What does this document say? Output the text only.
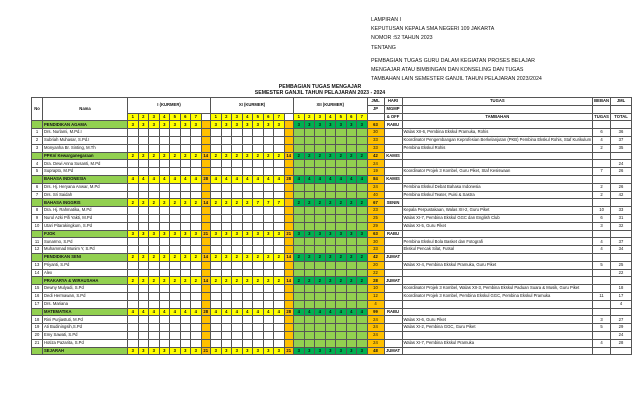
LAMPIRAN I
KEPUTUSAN KEPALA SMA NEGERI 109 JAKARTA
NOMOR :52 TAHUN 2023
TENTANG
PEMBAGIAN TUGAS GURU DALAM KEGIATAN PROSES BELAJAR
MENGAJAR ATAU BIMBINGAN DAN KONSELING DAN TUGAS
TAMBAHAN LAIN SEMESTER GANJIL TAHUN PELAJARAN 2023/2024
PEMBAGIAN TUGAS MENGAJAR
SEMESTER GANJIL TAHUN PELAJARAN 2023 - 2024
No	Nama	I (KURMER)								XI (KURMER)								XII (KURMER)							JML	HARI	TUGAS	BEBAN	JML
																									JP	MGMP			
		1	2	3	4	5	6	7		1	2	3	4	5	6	7		1	2	3	4	5	6	7		& OFF	TAMBAHAN	TUGAS	TOTAL
	PENDIDIKAN AGAMA	3	3	3	3	3	3	3		3	3	3	3	3	3	3		3	3	3	3	3	3	3	63	RABU			
1	Drs. Nurlami, M.Pd.I																								30		Walas XII-6, Pembina Ekskul Pramuka, Rohis	6	36
2	Subriah Muhasar, S.Pd.I																								33		Koordinator Pengembangan Keprofesian Berkelanjutan (PKB) Pembina Ekskul Rohis, Staf Kurikulum	4	37
3	Monyanha Br. Sinting, M.Th																								33		Pembina Ekskul Rohis	2	35
	PPKn/ Kewarganegaraan	2	2	2	2	2	2	2	14	2	2	2	2	2	2	2	14	2	2	2	2	2	2	2	42	KAMIS			
4	Dra. Dewi Anna Susanti, M.Pd																								24				24
5	Suprapto, M.Pd																								19		Koordinator Projek 3 Kombel, Guru Piket, Staf Kesiswaan	7	26
	BAHASA INDONESIA	4	4	4	4	4	4	4	28	4	4	4	4	4	4	4	28	4	4	4	4	4	4	4	84	KAMIS			
6	Drs. Hj. Heryana Anwar, M.Pd																								24		Pembina Ekskul Debat Bahasa Indonesia	2	26
7	Drs. Sri Saidah																								40		Pembina Ekskul Teater, Puisi & Sastra	2	42
	BAHASA INGGRIS	2	2	2	2	2	2	2	14	2	2	2	2	7	7	7		2	2	2	2	2	2	2	67	SENIN			
8	Dra. Hj. Rahmatika, M.Pd																								23		Kepala Perpustakaan, Walas XII-2, Guru Piket	10	33
9	Nurul Azki Pifi Yakti, M.Pd																								25		Walas XI-7, Pembina Ekskul GGC dan English Club	6	31
10	Utari Pitarakingkum, S.Pd																								29		Walas XI-5, Guru Piket	3	32
	PJOK	3	3	3	3	3	3	3	21	3	3	3	3	3	3	3	21	3	3	3	3	3	3	3	63	RABU			
11	Sunarmo, S.Pd																								30		Pembina Ekskul Bola Basket dan Fotografi	4	37
12	Muhammad Munim Y, S.Pd																								33		Ekskul Pencak Silat, Futsal	4	34
	PENDIDIKAN SENI	2	2	2	2	2	2	2	14	2	2	2	2	2	2	2	14	2	2	2	2	2	2	2	42	JUMAT			
13	Priyanti, S.Pd																								20		Walas XI-4, Pembina Ekskul Pramuka, Guru Piket	5	25
14	Alex																								22				22
	PRAKARYA & WIRAUSAHA	2	2	2	2	2	2	2	14	2	2	2	2	2	2	2	14	2	2	2	2	2	2	2	28	JUMAT			
15	Dewny Mulyadi, S.Pd																								10		Koordinator Projek 3 Kombel, Walas XII-3, Pembina Ekskul Paduan Suara & Musik, Guru Piket		18
16	Dedi Hermawan, S.Pd																								12		Koordinator Projek 3 Kombel, Pembina Ekskul GGC, Pembina Ekskul Pramuka	11	17
17	Drs. Mariana																								4				4
	MATEMATIKA	4	4	4	4	4	4	4	28	4	4	4	4	4	4	4	28	4	4	4	4	4	4	4	99	RABU			
18	Rini Purjiastuti, M.Pd																								24		Walas XI-6, Guru Piket	3	27
19	Ati Budiningsih,S.Pd																								24		Walas XI-2, Pembina GGC, Guru Piket	5	29
20	Emy Sawati, S.Pd																								24				24
21	Hotiza Pazarita, S.Pd																								24		Walas XI-7, Pembina Ekskul Pramuka	4	28
	SEJARAH	3	3	3	3	3	3	3	21	3	3	3	3	3	3	3	21	3	3	3	3	3	3	3	48	JUMAT			
